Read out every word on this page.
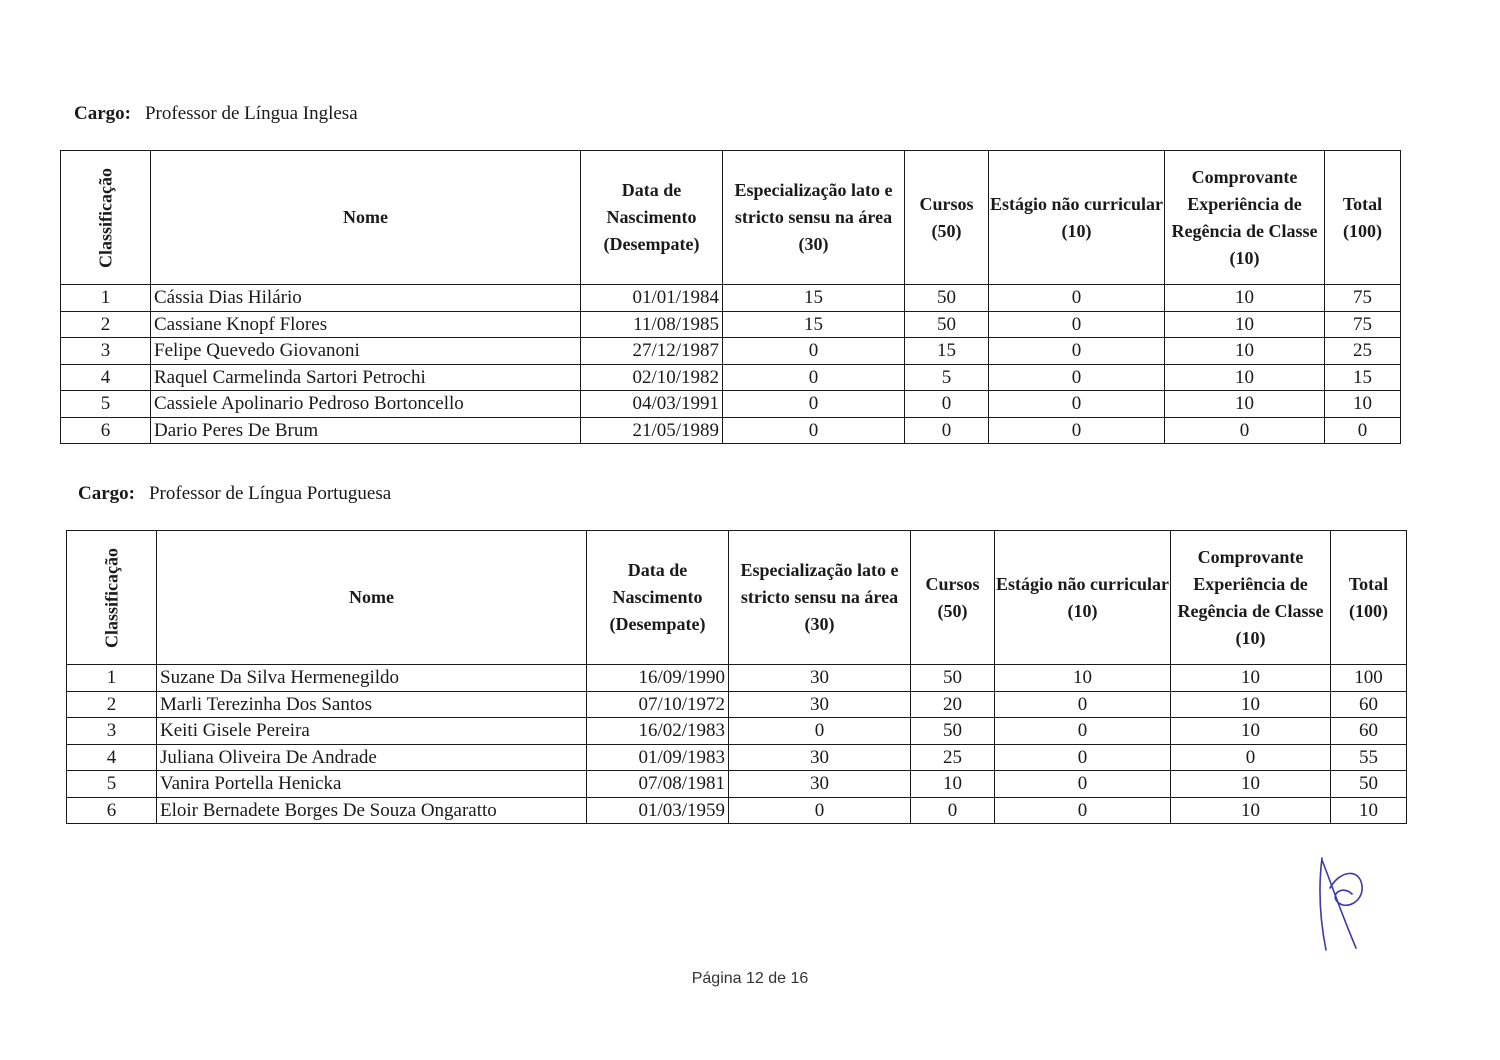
Cargo: Professor de Língua Inglesa
Classificação	Nome	Data de Nascimento (Desempate)	Especialização lato e stricto sensu na área (30)	Cursos (50)	Estágio não curricular (10)	Comprovante Experiência de Regência de Classe (10)	Total (100)
1	Cássia Dias Hilário	01/01/1984	15	50	0	10	75
2	Cassiane Knopf Flores	11/08/1985	15	50	0	10	75
3	Felipe Quevedo Giovanoni	27/12/1987	0	15	0	10	25
4	Raquel Carmelinda Sartori Petrochi	02/10/1982	0	5	0	10	15
5	Cassiele Apolinario Pedroso Bortoncello	04/03/1991	0	0	0	10	10
6	Dario Peres De Brum	21/05/1989	0	0	0	0	0
Cargo: Professor de Língua Portuguesa
Classificação	Nome	Data de Nascimento (Desempate)	Especialização lato e stricto sensu na área (30)	Cursos (50)	Estágio não curricular (10)	Comprovante Experiência de Regência de Classe (10)	Total (100)
1	Suzane Da Silva Hermenegildo	16/09/1990	30	50	10	10	100
2	Marli Terezinha Dos Santos	07/10/1972	30	20	0	10	60
3	Keiti Gisele Pereira	16/02/1983	0	50	0	10	60
4	Juliana Oliveira De Andrade	01/09/1983	30	25	0	0	55
5	Vanira Portella Henicka	07/08/1981	30	10	0	10	50
6	Eloir Bernadete Borges De Souza Ongaratto	01/03/1959	0	0	0	10	10
Página 12 de 16
